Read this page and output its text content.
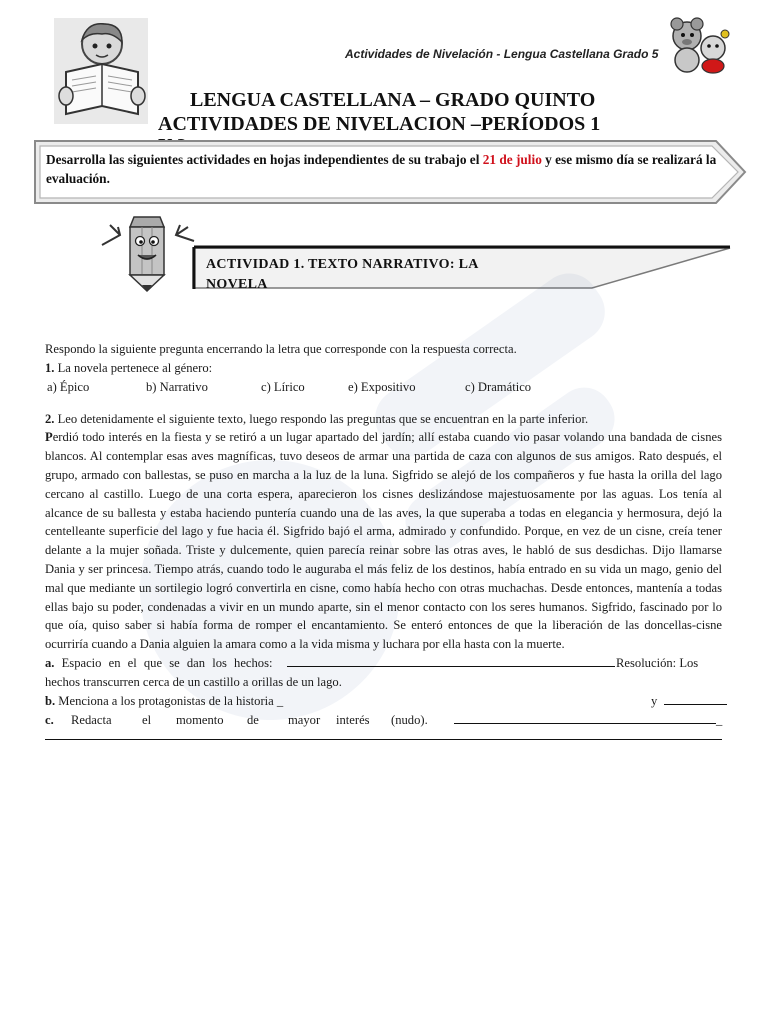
Actividades de Nivelación - Lengua Castellana Grado 5
LENGUA CASTELLANA – GRADO QUINTO
ACTIVIDADES DE NIVELACION –PERÍODOS 1
Desarrolla las siguientes actividades en hojas independientes de su trabajo el 21 de julio y ese mismo día se realizará la evaluación.
ACTIVIDAD 1. TEXTO NARRATIVO: LA NOVELA

Respondo la siguiente pregunta encerrando la letra que corresponde con la respuesta correcta.

1. La novela pertenece al género:

a) Épico	b) Narrativo	c) Lírico	e) Expositivo	c) Dramático

2. Leo detenidamente el siguiente texto, luego respondo las preguntas que se encuentran en la parte inferior.

Perdió todo interés en la fiesta y se retiró a un lugar apartado del jardín; allí estaba cuando vio pasar volando una bandada de cisnes blancos. Al contemplar esas aves magníficas, tuvo deseos de armar una partida de caza con algunos de sus amigos. Rato después, el grupo, armado con ballestas, se puso en marcha a la luz de la luna. Sigfrido se alejó de los compañeros y fue hasta la orilla del lago cercano al castillo. Luego de una corta espera, aparecieron los cisnes deslizándose majestuosamente por las aguas. Los tenía al alcance de su ballesta y estaba haciendo puntería cuando una de las aves, la que superaba a todas en elegancia y hermosura, dejó la centelleante superficie del lago y fue hacia él. Sigfrido bajó el arma, admirado y confundido. Porque, en vez de un cisne, creía tener delante a la mujer soñada. Triste y dulcemente, quien parecía reinar sobre las otras aves, le habló de sus desdichas. Dijo llamarse Dania y ser princesa. Tiempo atrás, cuando todo le auguraba el más feliz de los destinos, había entrado en su vida un mago, genio del mal que mediante un sortilegio logró convertirla en cisne, como había hecho con otras muchachas. Desde entonces, mantenía a todas ellas bajo su poder, condenadas a vivir en un mundo aparte, sin el menor contacto con los seres humanos. Sigfrido, fascinado por lo que oía, quiso saber si había forma de romper el encantamiento. Se enteró entonces de que la liberación de las doncellas-cisne ocurriría cuando a Dania alguien la amara como a la vida misma y luchara por ella hasta con la muerte.

a. Espacio en el que se dan los hechos:	Resolución: Los

hechos transcurren cerca de un castillo a orillas de un lago.

b. Mencionа a los protagonistas de la historia _	y
c. Redacta el momento de mayor interés (nudo).	_
